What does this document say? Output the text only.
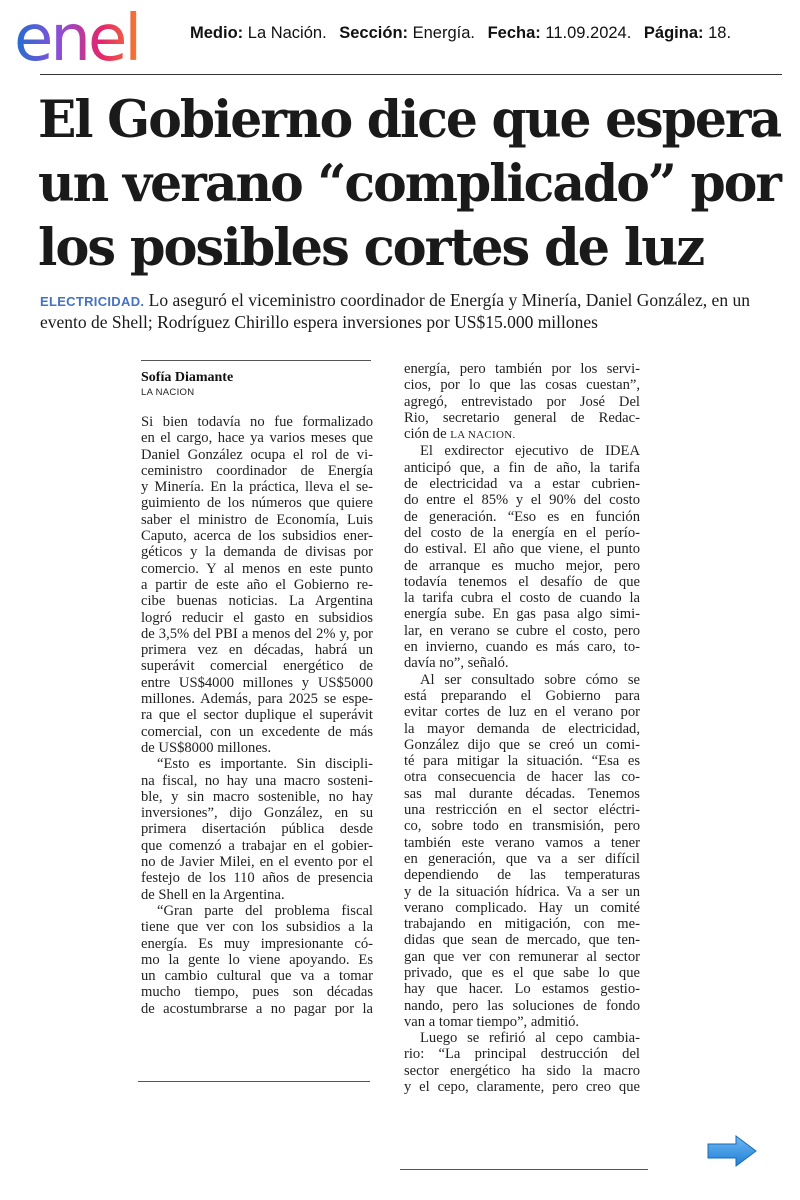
enel	Medio: La Nación. Sección: Energía. Fecha: 11.09.2024. Página: 18.
El Gobierno dice que espera
un verano “complicado” por
los posibles cortes de luz
ELECTRICIDAD. Lo aseguró el viceministro coordinador de Energía y Minería, Daniel González, en un evento de Shell; Rodríguez Chirillo espera inversiones por US$15.000 millones
Sofía Diamante
LA NACION
Si bien todavía no fue formalizado
en el cargo, hace ya varios meses que
Daniel González ocupa el rol de vi-
ceministro coordinador de Energía
y Minería. En la práctica, lleva el se-
guimiento de los números que quiere
saber el ministro de Economía, Luis
Caputo, acerca de los subsidios ener-
géticos y la demanda de divisas por
comercio. Y al menos en este punto
a partir de este año el Gobierno re-
cibe buenas noticias. La Argentina
logró reducir el gasto en subsidios
de 3,5% del PBI a menos del 2% y, por
primera vez en décadas, habrá un
superávit comercial energético de
entre US$4000 millones y US$5000
millones. Además, para 2025 se espe-
ra que el sector duplique el superávit
comercial, con un excedente de más
de US$8000 millones.
“Esto es importante. Sin discipli-
na fiscal, no hay una macro sosteni-
ble, y sin macro sostenible, no hay
inversiones”, dijo González, en su
primera disertación pública desde
que comenzó a trabajar en el gobier-
no de Javier Milei, en el evento por el
festejo de los 110 años de presencia
de Shell en la Argentina.
“Gran parte del problema fiscal
tiene que ver con los subsidios a la
energía. Es muy impresionante có-
mo la gente lo viene apoyando. Es
un cambio cultural que va a tomar
mucho tiempo, pues son décadas
de acostumbrarse a no pagar por la
energía, pero también por los servi-
cios, por lo que las cosas cuestan”,
agregó, entrevistado por José Del
Rio, secretario general de Redac-
ción de LA NACION.
El exdirector ejecutivo de IDEA
anticipó que, a fin de año, la tarifa
de electricidad va a estar cubrien-
do entre el 85% y el 90% del costo
de generación. “Eso es en función
del costo de la energía en el perío-
do estival. El año que viene, el punto
de arranque es mucho mejor, pero
todavía tenemos el desafío de que
la tarifa cubra el costo de cuando la
energía sube. En gas pasa algo simi-
lar, en verano se cubre el costo, pero
en invierno, cuando es más caro, to-
davía no”, señaló.
Al ser consultado sobre cómo se
está preparando el Gobierno para
evitar cortes de luz en el verano por
la mayor demanda de electricidad,
González dijo que se creó un comi-
té para mitigar la situación. “Esa es
otra consecuencia de hacer las co-
sas mal durante décadas. Tenemos
una restricción en el sector eléctri-
co, sobre todo en transmisión, pero
también este verano vamos a tener
en generación, que va a ser difícil
dependiendo de las temperaturas
y de la situación hídrica. Va a ser un
verano complicado. Hay un comité
trabajando en mitigación, con me-
didas que sean de mercado, que ten-
gan que ver con remunerar al sector
privado, que es el que sabe lo que
hay que hacer. Lo estamos gestio-
nando, pero las soluciones de fondo
van a tomar tiempo”, admitió.
Luego se refirió al cepo cambia-
rio: “La principal destrucción del
sector energético ha sido la macro
y el cepo, claramente, pero creo que
